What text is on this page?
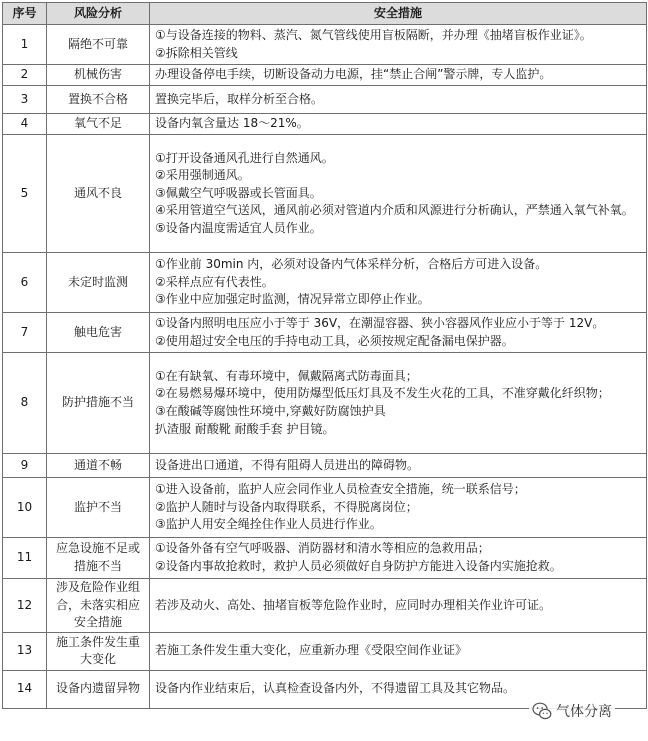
序号	风险分析	安全措施
1	隔绝不可靠	①与设备连接的物料、蒸汽、氮气管线使用盲板隔断，并办理《抽堵盲板作业证》。
②拆除相关管线

2	机械伤害	办理设备停电手续，切断设备动力电源，挂“禁止合闸”警示牌，专人监护。

3	置换不合格	置换完毕后，取样分析至合格。

4	氧气不足	设备内氧含量达 18～21%。

5	通风不良	①打开设备通风孔进行自然通风。
②采用强制通风。
③佩戴空气呼吸器或长管面具。
④采用管道空气送风，通风前必须对管道内介质和风源进行分析确认，严禁通入氧气补氧。
⑤设备内温度需适宜人员作业。

6	未定时监测	①作业前 30min 内，必须对设备内气体采样分析，合格后方可进入设备。
②采样点应有代表性。
③作业中应加强定时监测，情况异常立即停止作业。

7	触电危害	①设备内照明电压应小于等于 36V，在潮湿容器、狭小容器风作业应小于等于 12V。
②使用超过安全电压的手持电动工具，必须按规定配备漏电保护器。

8	防护措施不当	①在有缺氧、有毒环境中，佩戴隔离式防毒面具；
②在易燃易爆环境中，使用防爆型低压灯具及不发生火花的工具，不准穿戴化纤织物；
③在酸碱等腐蚀性环境中,穿戴好防腐蚀护具
扒渣服 耐酸靴 耐酸手套 护目镜。

9	通道不畅	设备进出口通道，不得有阻碍人员进出的障碍物。

10	监护不当	①进入设备前，监护人应会同作业人员检查安全措施，统一联系信号；
②监护人随时与设备内取得联系，不得脱离岗位；
③监护人用安全绳拴住作业人员进行作业。

11	应急设施不足或措施不当	①设备外备有空气呼吸器、消防器材和清水等相应的急救用品；
②设备内事故抢救时，救护人员必须做好自身防护方能进入设备内实施抢救。

12	涉及危险作业组合，未落实相应安全措施	若涉及动火、高处、抽堵盲板等危险作业时，应同时办理相关作业许可证。

13	施工条件发生重大变化	若施工条件发生重大变化，应重新办理《受限空间作业证》

14	设备内遗留异物	设备内作业结束后，认真检查设备内外，不得遗留工具及其它物品。
气体分离
